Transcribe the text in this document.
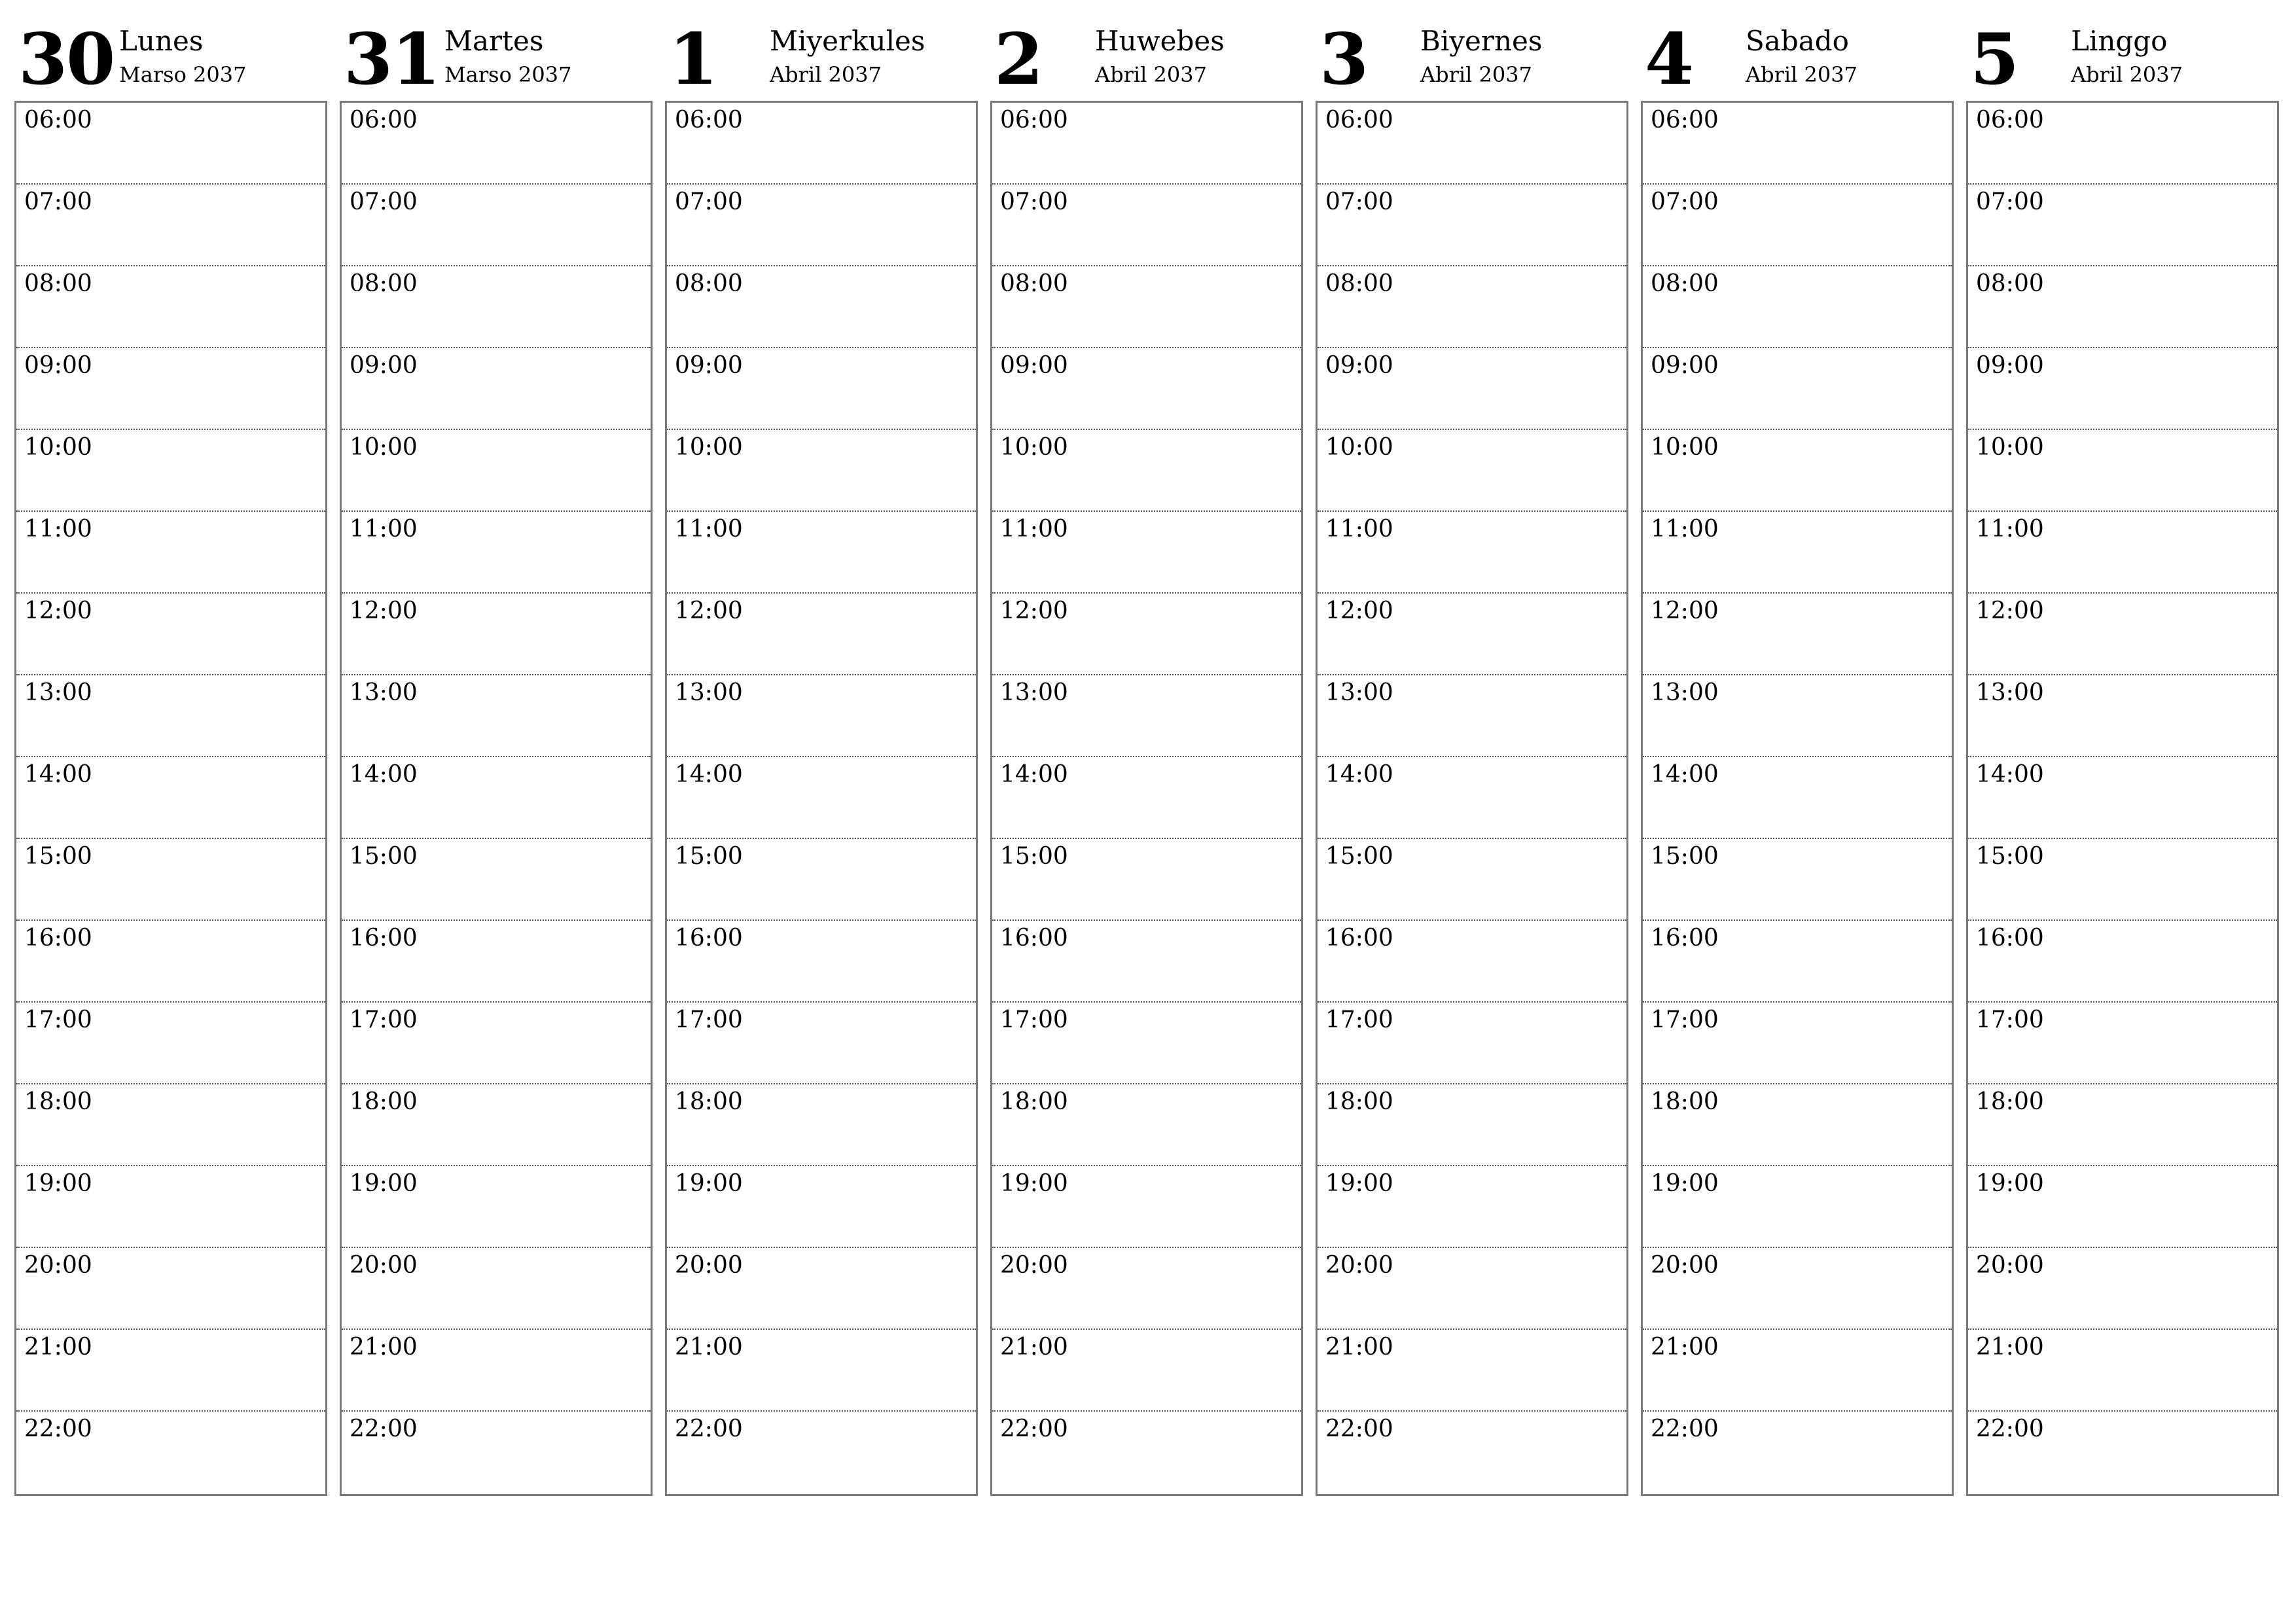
30 Lunes
Marso 2037
06:00
07:00
08:00
09:00
10:00
11:00
12:00
13:00
14:00
15:00
16:00
17:00
18:00
19:00
20:00
21:00
22:00
31 Martes
Marso 2037
06:00
07:00
08:00
09:00
10:00
11:00
12:00
13:00
14:00
15:00
16:00
17:00
18:00
19:00
20:00
21:00
22:00
1 Miyerkules
Abril 2037
06:00
07:00
08:00
09:00
10:00
11:00
12:00
13:00
14:00
15:00
16:00
17:00
18:00
19:00
20:00
21:00
22:00
2 Huwebes
Abril 2037
06:00
07:00
08:00
09:00
10:00
11:00
12:00
13:00
14:00
15:00
16:00
17:00
18:00
19:00
20:00
21:00
22:00
3 Biyernes
Abril 2037
06:00
07:00
08:00
09:00
10:00
11:00
12:00
13:00
14:00
15:00
16:00
17:00
18:00
19:00
20:00
21:00
22:00
4 Sabado
Abril 2037
06:00
07:00
08:00
09:00
10:00
11:00
12:00
13:00
14:00
15:00
16:00
17:00
18:00
19:00
20:00
21:00
22:00
5 Linggo
Abril 2037
06:00
07:00
08:00
09:00
10:00
11:00
12:00
13:00
14:00
15:00
16:00
17:00
18:00
19:00
20:00
21:00
22:00
